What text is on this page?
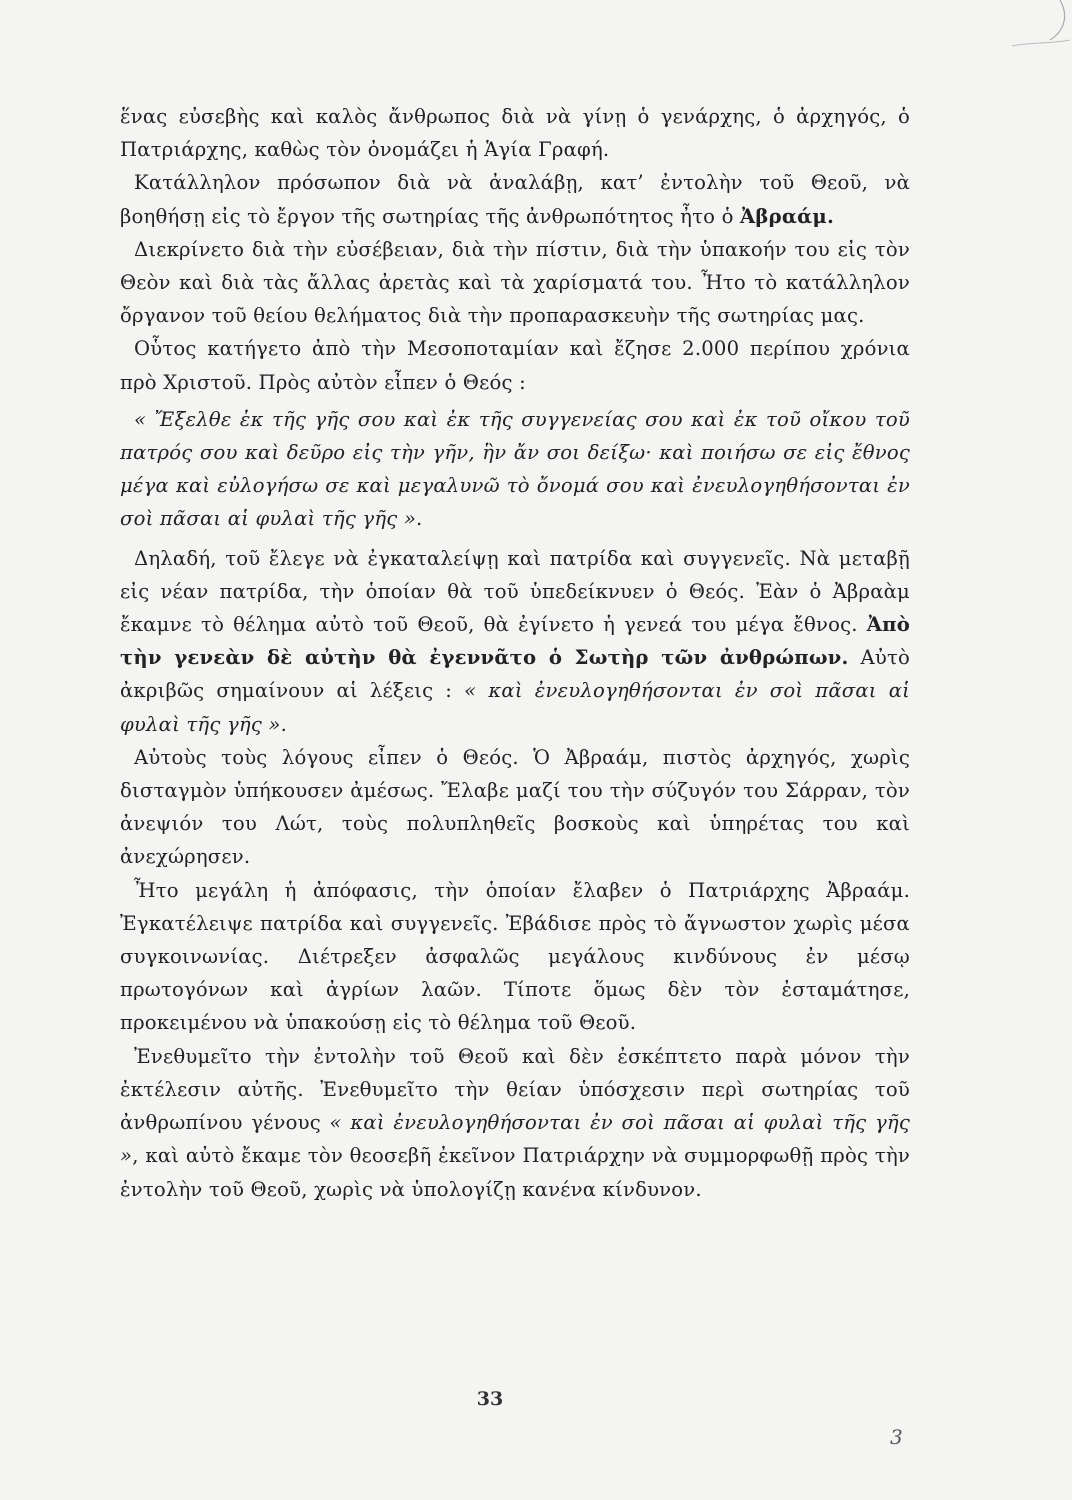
ἕνας εὐσεβὴς καὶ καλὸς ἄνθρωπος διὰ νὰ γίνῃ ὁ γενάρχης, ὁ ἀρχηγός, ὁ Πατριάρχης, καθὼς τὸν ὀνομάζει ἡ Ἁγία Γραφή.

Κατάλληλον πρόσωπον διὰ νὰ ἀναλάβῃ, κατ’ ἐντολὴν τοῦ Θεοῦ, νὰ βοηθήσῃ εἰς τὸ ἔργον τῆς σωτηρίας τῆς ἀνθρωπότητος ἦτο ὁ Ἀβραάμ.

Διεκρίνετο διὰ τὴν εὐσέβειαν, διὰ τὴν πίστιν, διὰ τὴν ὑπακοήν του εἰς τὸν Θεὸν καὶ διὰ τὰς ἄλλας ἀρετὰς καὶ τὰ χαρίσματά του. Ἦτο τὸ κατάλληλον ὄργανον τοῦ θείου θελήματος διὰ τὴν προπαρασκευὴν τῆς σωτηρίας μας.

Οὗτος κατήγετο ἀπὸ τὴν Μεσοποταμίαν καὶ ἔζησε 2.000 περίπου χρόνια πρὸ Χριστοῦ. Πρὸς αὐτὸν εἶπεν ὁ Θεός :

« Ἔξελθε ἐκ τῆς γῆς σου καὶ ἐκ τῆς συγγενείας σου καὶ ἐκ τοῦ οἴκου τοῦ πατρός σου καὶ δεῦρο εἰς τὴν γῆν, ἣν ἄν σοι δείξω· καὶ ποιήσω σε εἰς ἔθνος μέγα καὶ εὐλογήσω σε καὶ μεγαλυνῶ τὸ ὄνομά σου καὶ ἐνευλογηθήσονται ἐν σοὶ πᾶσαι αἱ φυλαὶ τῆς γῆς ».

Δηλαδή, τοῦ ἔλεγε νὰ ἐγκαταλείψῃ καὶ πατρίδα καὶ συγγενεῖς. Νὰ μεταβῇ εἰς νέαν πατρίδα, τὴν ὁποίαν θὰ τοῦ ὑπεδείκνυεν ὁ Θεός. Ἐὰν ὁ Ἀβραὰμ ἔκαμνε τὸ θέλημα αὐτὸ τοῦ Θεοῦ, θὰ ἐγίνετο ἡ γενεά του μέγα ἔθνος. Ἀπὸ τὴν γενεὰν δὲ αὐτὴν θὰ ἐγεννᾶτο ὁ Σωτὴρ τῶν ἀνθρώπων. Αὐτὸ ἀκριβῶς σημαίνουν αἱ λέξεις : « καὶ ἐνευλογηθήσονται ἐν σοὶ πᾶσαι αἱ φυλαὶ τῆς γῆς ».

Αὐτοὺς τοὺς λόγους εἶπεν ὁ Θεός. Ὁ Ἀβραάμ, πιστὸς ἀρχηγός, χωρὶς δισταγμὸν ὑπήκουσεν ἀμέσως. Ἔλαβε μαζί του τὴν σύζυγόν του Σάρραν, τὸν ἀνεψιόν του Λώτ, τοὺς πολυπληθεῖς βοσκοὺς καὶ ὑπηρέτας του καὶ ἀνεχώρησεν.

Ἦτο μεγάλη ἡ ἀπόφασις, τὴν ὁποίαν ἔλαβεν ὁ Πατριάρχης Ἀβραάμ. Ἐγκατέλειψε πατρίδα καὶ συγγενεῖς. Ἐβάδισε πρὸς τὸ ἄγνωστον χωρὶς μέσα συγκοινωνίας. Διέτρεξεν ἀσφαλῶς μεγάλους κινδύνους ἐν μέσῳ πρωτογόνων καὶ ἀγρίων λαῶν. Τίποτε ὅμως δὲν τὸν ἐσταμάτησε, προκειμένου νὰ ὑπακούσῃ εἰς τὸ θέλημα τοῦ Θεοῦ.

Ἐνεθυμεῖτο τὴν ἐντολὴν τοῦ Θεοῦ καὶ δὲν ἐσκέπτετο παρὰ μόνον τὴν ἐκτέλεσιν αὐτῆς. Ἐνεθυμεῖτο τὴν θείαν ὑπόσχεσιν περὶ σωτηρίας τοῦ ἀνθρωπίνου γένους « καὶ ἐνευλογηθήσονται ἐν σοὶ πᾶσαι αἱ φυλαὶ τῆς γῆς », καὶ αὐτὸ ἔκαμε τὸν θεοσεβῆ ἐκεῖνον Πατριάρχην νὰ συμμορφωθῇ πρὸς τὴν ἐντολὴν τοῦ Θεοῦ, χωρὶς νὰ ὑπολογίζῃ κανένα κίνδυνον.

33
3
